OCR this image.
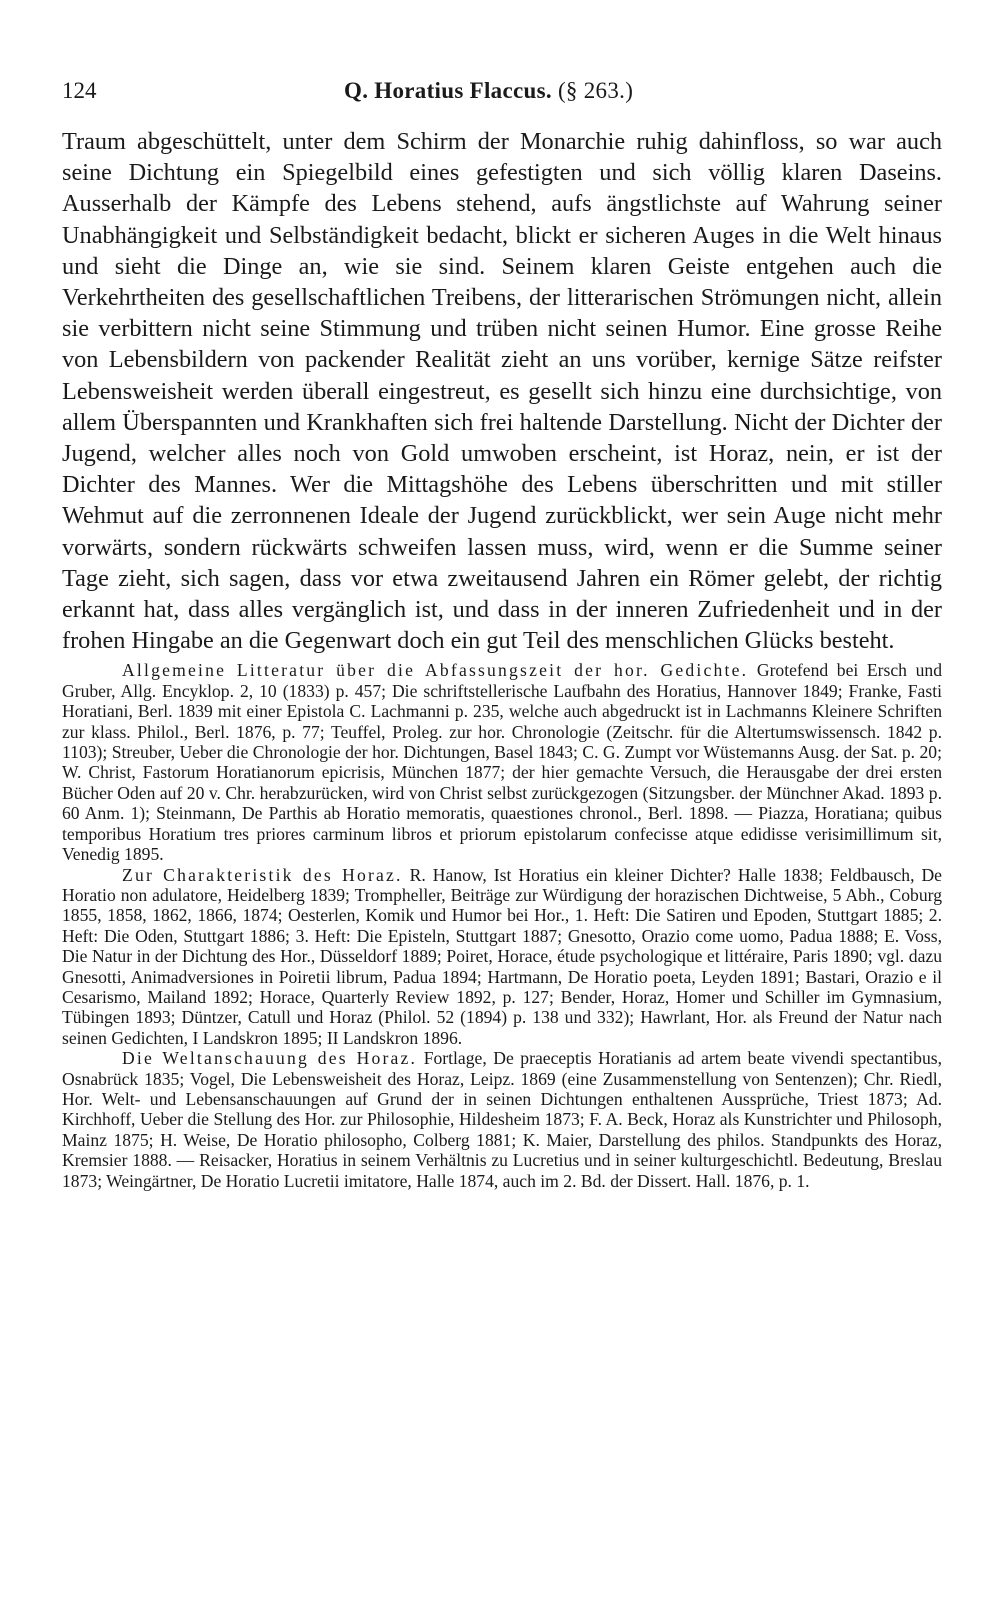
124	Q. Horatius Flaccus. (§ 263.)

Traum abgeschüttelt, unter dem Schirm der Monarchie ruhig dahinfloss, so war auch seine Dichtung ein Spiegelbild eines gefestigten und sich völlig klaren Daseins. Ausserhalb der Kämpfe des Lebens stehend, aufs ängstlichste auf Wahrung seiner Unabhängigkeit und Selbständigkeit bedacht, blickt er sicheren Auges in die Welt hinaus und sieht die Dinge an, wie sie sind. Seinem klaren Geiste entgehen auch die Verkehrtheiten des gesellschaftlichen Treibens, der litterarischen Strömungen nicht, allein sie verbittern nicht seine Stimmung und trüben nicht seinen Humor. Eine grosse Reihe von Lebensbildern von packender Realität zieht an uns vorüber, kernige Sätze reifster Lebensweisheit werden überall eingestreut, es gesellt sich hinzu eine durchsichtige, von allem Überspannten und Krankhaften sich frei haltende Darstellung. Nicht der Dichter der Jugend, welcher alles noch von Gold umwoben erscheint, ist Horaz, nein, er ist der Dichter des Mannes. Wer die Mittagshöhe des Lebens überschritten und mit stiller Wehmut auf die zerronnenen Ideale der Jugend zurückblickt, wer sein Auge nicht mehr vorwärts, sondern rückwärts schweifen lassen muss, wird, wenn er die Summe seiner Tage zieht, sich sagen, dass vor etwa zweitausend Jahren ein Römer gelebt, der richtig erkannt hat, dass alles vergänglich ist, und dass in der inneren Zufriedenheit und in der frohen Hingabe an die Gegenwart doch ein gut Teil des menschlichen Glücks besteht.

Allgemeine Litteratur über die Abfassungszeit der hor. Gedichte. Grotefend bei Ersch und Gruber, Allg. Encyklop. 2, 10 (1833) p. 457; Die schriftstellerische Laufbahn des Horatius, Hannover 1849; Franke, Fasti Horatiani, Berl. 1839 mit einer Epistola C. Lachmanni p. 235, welche auch abgedruckt ist in Lachmanns Kleinere Schriften zur klass. Philol., Berl. 1876, p. 77; Teuffel, Proleg. zur hor. Chronologie (Zeitschr. für die Altertumswissensch. 1842 p. 1103); Streuber, Ueber die Chronologie der hor. Dichtungen, Basel 1843; C. G. Zumpt vor Wüstemanns Ausg. der Sat. p. 20; W. Christ, Fastorum Horatianorum epicrisis, München 1877; der hier gemachte Versuch, die Herausgabe der drei ersten Bücher Oden auf 20 v. Chr. herabzurücken, wird von Christ selbst zurückgezogen (Sitzungsber. der Münchner Akad. 1893 p. 60 Anm. 1); Steinmann, De Parthis ab Horatio memoratis, quaestiones chronol., Berl. 1898. — Piazza, Horatiana; quibus temporibus Horatium tres priores carminum libros et priorum epistolarum confecisse atque edidisse verisimillimum sit, Venedig 1895.

Zur Charakteristik des Horaz. R. Hanow, Ist Horatius ein kleiner Dichter? Halle 1838; Feldbausch, De Horatio non adulatore, Heidelberg 1839; Trompheller, Beiträge zur Würdigung der horazischen Dichtweise, 5 Abh., Coburg 1855, 1858, 1862, 1866, 1874; Oesterlen, Komik und Humor bei Hor., 1. Heft: Die Satiren und Epoden, Stuttgart 1885; 2. Heft: Die Oden, Stuttgart 1886; 3. Heft: Die Episteln, Stuttgart 1887; Gnesotto, Orazio come uomo, Padua 1888; E. Voss, Die Natur in der Dichtung des Hor., Düsseldorf 1889; Poiret, Horace, étude psychologique et littéraire, Paris 1890; vgl. dazu Gnesotti, Animadversiones in Poiretii librum, Padua 1894; Hartmann, De Horatio poeta, Leyden 1891; Bastari, Orazio e il Cesarismo, Mailand 1892; Horace, Quarterly Review 1892, p. 127; Bender, Horaz, Homer und Schiller im Gymnasium, Tübingen 1893; Düntzer, Catull und Horaz (Philol. 52 (1894) p. 138 und 332); Hawrlant, Hor. als Freund der Natur nach seinen Gedichten, I Landskron 1895; II Landskron 1896.

Die Weltanschauung des Horaz. Fortlage, De praeceptis Horatianis ad artem beate vivendi spectantibus, Osnabrück 1835; Vogel, Die Lebensweisheit des Horaz, Leipz. 1869 (eine Zusammenstellung von Sentenzen); Chr. Riedl, Hor. Welt- und Lebensanschauungen auf Grund der in seinen Dichtungen enthaltenen Aussprüche, Triest 1873; Ad. Kirchhoff, Ueber die Stellung des Hor. zur Philosophie, Hildesheim 1873; F. A. Beck, Horaz als Kunstrichter und Philosoph, Mainz 1875; H. Weise, De Horatio philosopho, Colberg 1881; K. Maier, Darstellung des philos. Standpunkts des Horaz, Kremsier 1888. — Reisacker, Horatius in seinem Verhältnis zu Lucretius und in seiner kulturgeschichtl. Bedeutung, Breslau 1873; Weingärtner, De Horatio Lucretii imitatore, Halle 1874, auch im 2. Bd. der Dissert. Hall. 1876, p. 1.
